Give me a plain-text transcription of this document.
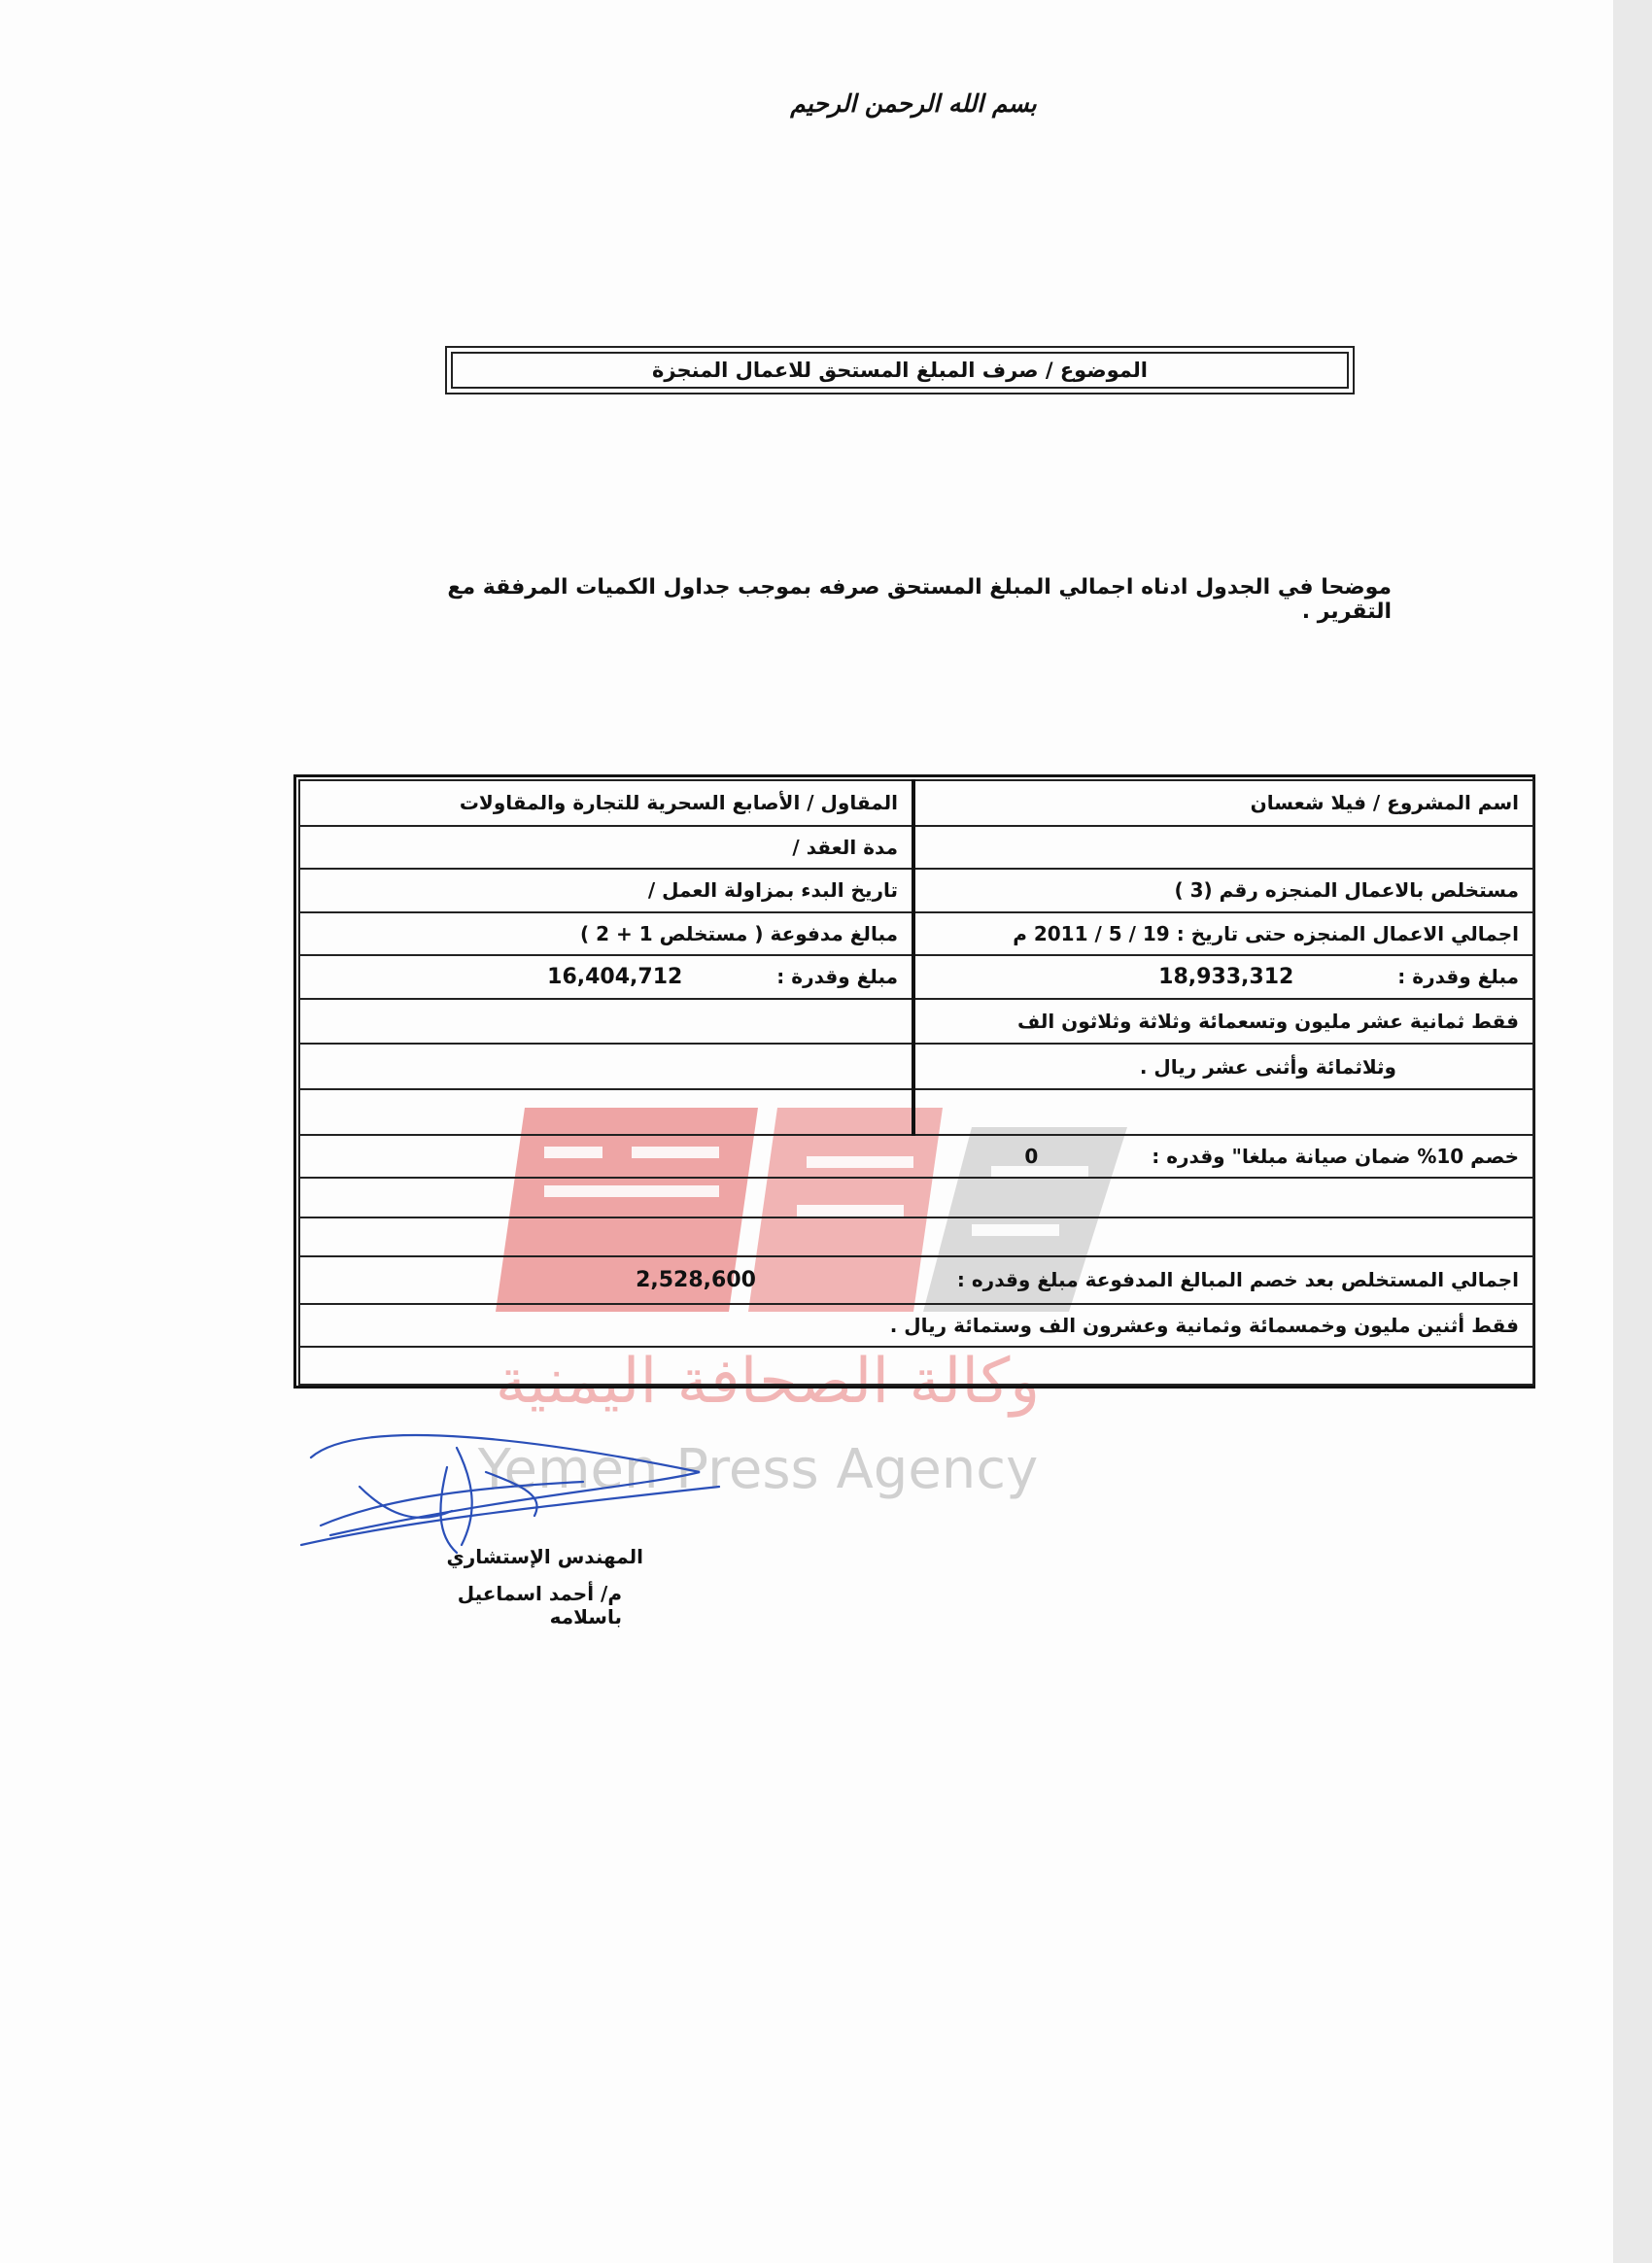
بسم الله الرحمن الرحيم
الموضوع / صرف المبلغ المستحق للاعمال المنجزة
موضحا في الجدول ادناه اجمالي المبلغ المستحق صرفه بموجب جداول الكميات المرفقة مع التقرير .
وكالة الصحافة اليمنية
Yemen Press Agency
اسم المشروع / فيلا شعسان	المقاول / الأصابع السحرية للتجارة والمقاولات
	مدة العقد /
مستخلص بالاعمال المنجزه رقم (3 )	تاريخ البدء بمزاولة العمل /
اجمالي الاعمال المنجزه حتى تاريخ : 19 / 5 / 2011 م	مبالغ مدفوعة ( مستخلص 1 + 2 )
مبلغ وقدرة : 18,933,312	مبلغ وقدرة : 16,404,712
فقط ثمانية عشر مليون وتسعمائة وثلاثة وثلاثون الف	
وثلاثمائة وأثنى عشر ريال .	

خصم 10% ضمان صيانة مبلغا" وقدره : 0	

اجمالي المستخلص بعد خصم المبالغ المدفوعة مبلغ وقدره : 2,528,600	
فقط أثنين مليون وخمسمائة وثمانية وعشرون الف وستمائة ريال .	

المهندس الإستشاري
م/ أحمد اسماعيل باسلامه
